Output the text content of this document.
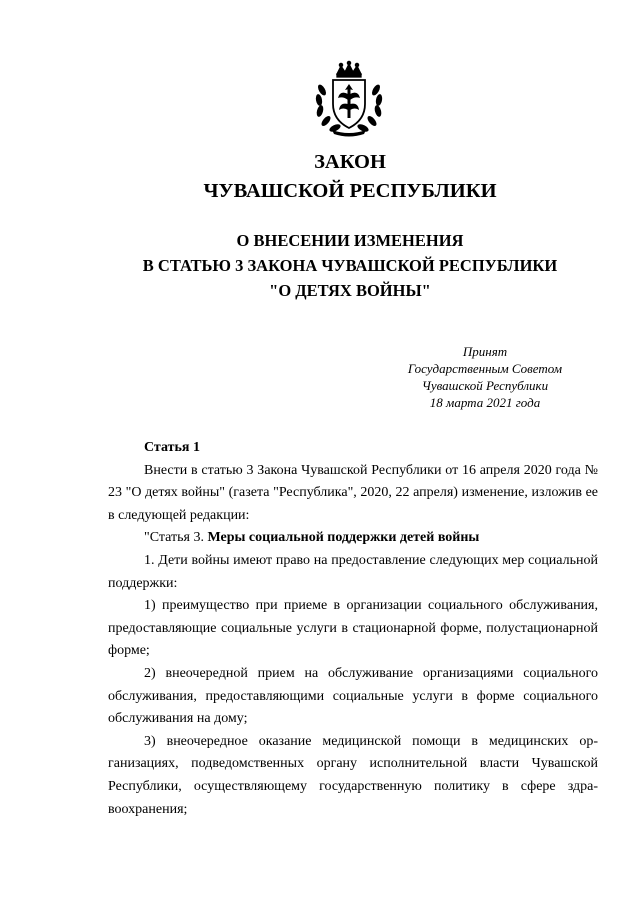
ЗАКОН
ЧУВАШСКОЙ РЕСПУБЛИКИ
О ВНЕСЕНИИ ИЗМЕНЕНИЯ
В СТАТЬЮ 3 ЗАКОНА ЧУВАШСКОЙ РЕСПУБЛИКИ
"О ДЕТЯХ ВОЙНЫ"
Принят
Государственным Советом
Чувашской Республики
18 марта 2021 года

Статья 1

Внести в статью 3 Закона Чувашской Республики от 16 апреля 2020 года № 23 "О детях войны" (газета "Республика", 2020, 22 апреля) изменение, изложив ее в следующей редакции:

"Статья 3. Меры социальной поддержки детей войны

1. Дети войны имеют право на предоставление следующих мер социальной поддержки:

1) преимущество при приеме в организации социального обслуживания, предоставляющие социальные услуги в стационарной форме, полустационарной форме;

2) внеочередной прием на обслуживание организациями социального обслуживания, предоставляющими социальные услуги в форме социального обслуживания на дому;

3) внеочередное оказание медицинской помощи в медицинских организациях, подведомственных органу исполнительной власти Чувашской Республики, осуществляющему государственную политику в сфере здравоохранения;
